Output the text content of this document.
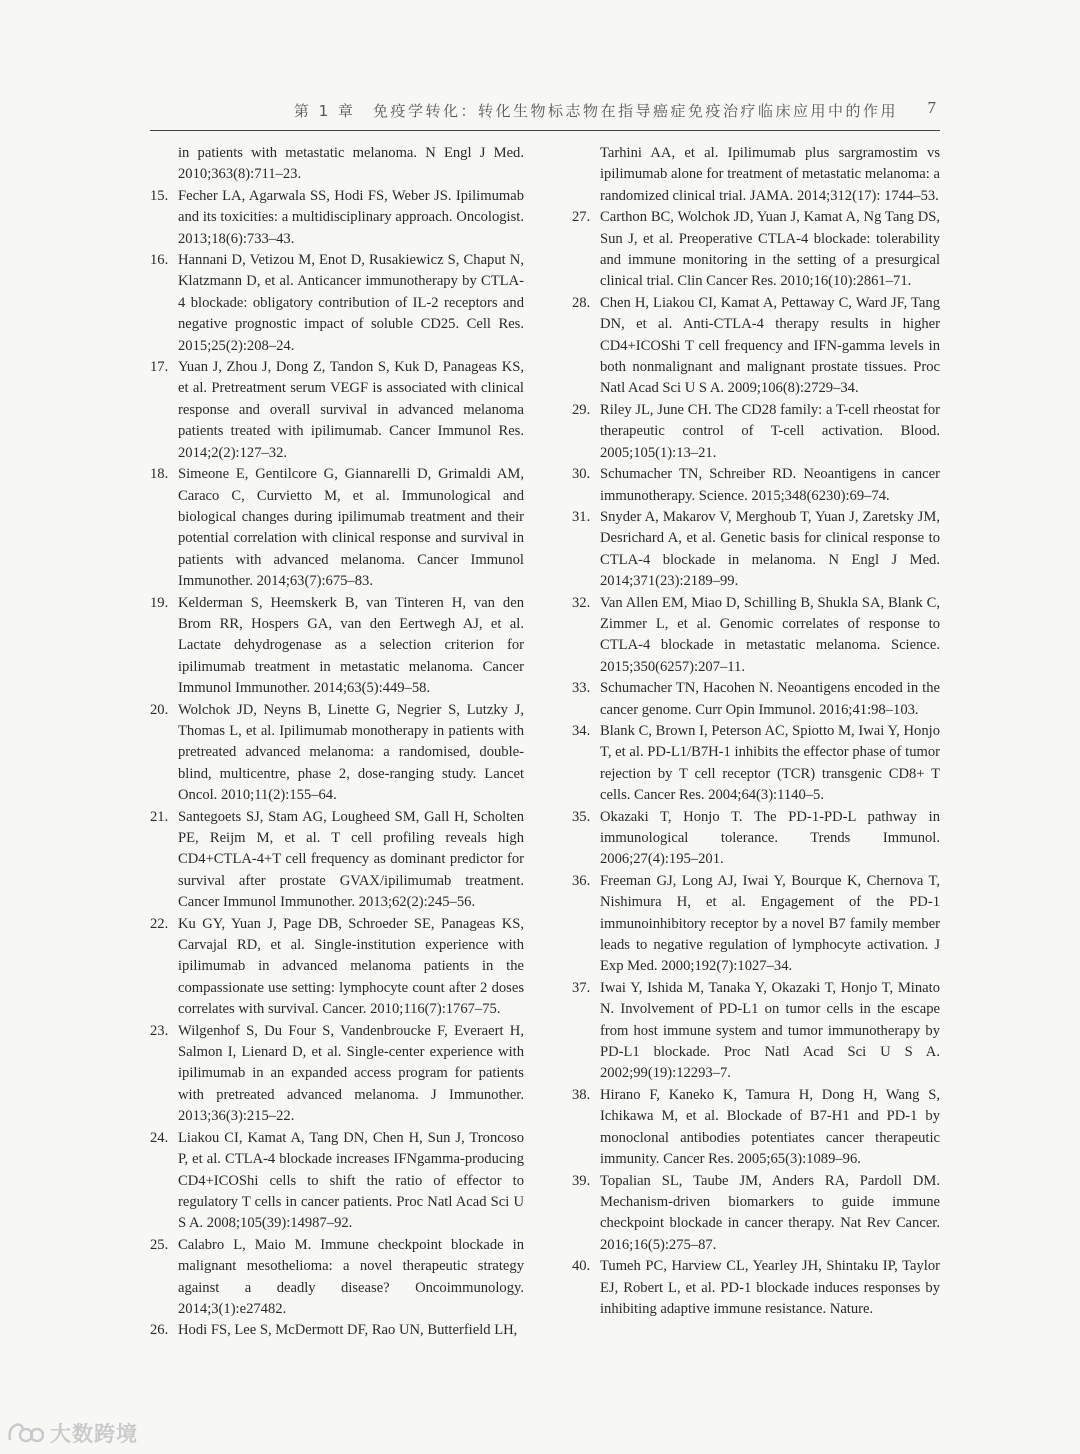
第 1 章　免疫学转化：转化生物标志物在指导癌症免疫治疗临床应用中的作用 7

in patients with metastatic melanoma. N Engl J Med. 2010;363(8):711–23.

15. Fecher LA, Agarwala SS, Hodi FS, Weber JS. Ipilimumab and its toxicities: a multidisciplinary approach. Oncologist. 2013;18(6):733–43.

16. Hannani D, Vetizou M, Enot D, Rusakiewicz S, Chaput N, Klatzmann D, et al. Anticancer immunotherapy by CTLA-4 blockade: obligatory contribution of IL-2 receptors and negative prognostic impact of soluble CD25. Cell Res. 2015;25(2):208–24.

17. Yuan J, Zhou J, Dong Z, Tandon S, Kuk D, Panageas KS, et al. Pretreatment serum VEGF is associated with clinical response and overall survival in advanced melanoma patients treated with ipilimumab. Cancer Immunol Res. 2014;2(2):127–32.

18. Simeone E, Gentilcore G, Giannarelli D, Grimaldi AM, Caraco C, Curvietto M, et al. Immunological and biological changes during ipilimumab treatment and their potential correlation with clinical response and survival in patients with advanced melanoma. Cancer Immunol Immunother. 2014;63(7):675–83.

19. Kelderman S, Heemskerk B, van Tinteren H, van den Brom RR, Hospers GA, van den Eertwegh AJ, et al. Lactate dehydrogenase as a selection criterion for ipilimumab treatment in metastatic melanoma. Cancer Immunol Immunother. 2014;63(5):449–58.

20. Wolchok JD, Neyns B, Linette G, Negrier S, Lutzky J, Thomas L, et al. Ipilimumab monotherapy in patients with pretreated advanced melanoma: a randomised, double-blind, multicentre, phase 2, dose-ranging study. Lancet Oncol. 2010;11(2):155–64.

21. Santegoets SJ, Stam AG, Lougheed SM, Gall H, Scholten PE, Reijm M, et al. T cell profiling reveals high CD4+CTLA-4+T cell frequency as dominant predictor for survival after prostate GVAX/ipilimumab treatment. Cancer Immunol Immunother. 2013;62(2):245–56.

22. Ku GY, Yuan J, Page DB, Schroeder SE, Panageas KS, Carvajal RD, et al. Single-institution experience with ipilimumab in advanced melanoma patients in the compassionate use setting: lymphocyte count after 2 doses correlates with survival. Cancer. 2010;116(7):1767–75.

23. Wilgenhof S, Du Four S, Vandenbroucke F, Everaert H, Salmon I, Lienard D, et al. Single-center experience with ipilimumab in an expanded access program for patients with pretreated advanced melanoma. J Immunother. 2013;36(3):215–22.

24. Liakou CI, Kamat A, Tang DN, Chen H, Sun J, Troncoso P, et al. CTLA-4 blockade increases IFNgamma-producing CD4+ICOShi cells to shift the ratio of effector to regulatory T cells in cancer patients. Proc Natl Acad Sci U S A. 2008;105(39):14987–92.

25. Calabro L, Maio M. Immune checkpoint blockade in malignant mesothelioma: a novel therapeutic strategy against a deadly disease? Oncoimmunology. 2014;3(1):e27482.

26. Hodi FS, Lee S, McDermott DF, Rao UN, Butterfield LH,

Tarhini AA, et al. Ipilimumab plus sargramostim vs ipilimumab alone for treatment of metastatic melanoma: a randomized clinical trial. JAMA. 2014;312(17): 1744–53.

27. Carthon BC, Wolchok JD, Yuan J, Kamat A, Ng Tang DS, Sun J, et al. Preoperative CTLA-4 blockade: tolerability and immune monitoring in the setting of a presurgical clinical trial. Clin Cancer Res. 2010;16(10):2861–71.

28. Chen H, Liakou CI, Kamat A, Pettaway C, Ward JF, Tang DN, et al. Anti-CTLA-4 therapy results in higher CD4+ICOShi T cell frequency and IFN-gamma levels in both nonmalignant and malignant prostate tissues. Proc Natl Acad Sci U S A. 2009;106(8):2729–34.

29. Riley JL, June CH. The CD28 family: a T-cell rheostat for therapeutic control of T-cell activation. Blood. 2005;105(1):13–21.

30. Schumacher TN, Schreiber RD. Neoantigens in cancer immunotherapy. Science. 2015;348(6230):69–74.

31. Snyder A, Makarov V, Merghoub T, Yuan J, Zaretsky JM, Desrichard A, et al. Genetic basis for clinical response to CTLA-4 blockade in melanoma. N Engl J Med. 2014;371(23):2189–99.

32. Van Allen EM, Miao D, Schilling B, Shukla SA, Blank C, Zimmer L, et al. Genomic correlates of response to CTLA-4 blockade in metastatic melanoma. Science. 2015;350(6257):207–11.

33. Schumacher TN, Hacohen N. Neoantigens encoded in the cancer genome. Curr Opin Immunol. 2016;41:98–103.

34. Blank C, Brown I, Peterson AC, Spiotto M, Iwai Y, Honjo T, et al. PD-L1/B7H-1 inhibits the effector phase of tumor rejection by T cell receptor (TCR) transgenic CD8+ T cells. Cancer Res. 2004;64(3):1140–5.

35. Okazaki T, Honjo T. The PD-1-PD-L pathway in immunological tolerance. Trends Immunol. 2006;27(4):195–201.

36. Freeman GJ, Long AJ, Iwai Y, Bourque K, Chernova T, Nishimura H, et al. Engagement of the PD-1 immunoinhibitory receptor by a novel B7 family member leads to negative regulation of lymphocyte activation. J Exp Med. 2000;192(7):1027–34.

37. Iwai Y, Ishida M, Tanaka Y, Okazaki T, Honjo T, Minato N. Involvement of PD-L1 on tumor cells in the escape from host immune system and tumor immunotherapy by PD-L1 blockade. Proc Natl Acad Sci U S A. 2002;99(19):12293–7.

38. Hirano F, Kaneko K, Tamura H, Dong H, Wang S, Ichikawa M, et al. Blockade of B7-H1 and PD-1 by monoclonal antibodies potentiates cancer therapeutic immunity. Cancer Res. 2005;65(3):1089–96.

39. Topalian SL, Taube JM, Anders RA, Pardoll DM. Mechanism-driven biomarkers to guide immune checkpoint blockade in cancer therapy. Nat Rev Cancer. 2016;16(5):275–87.

40. Tumeh PC, Harview CL, Yearley JH, Shintaku IP, Taylor EJ, Robert L, et al. PD-1 blockade induces responses by inhibiting adaptive immune resistance. Nature.

大数跨境
